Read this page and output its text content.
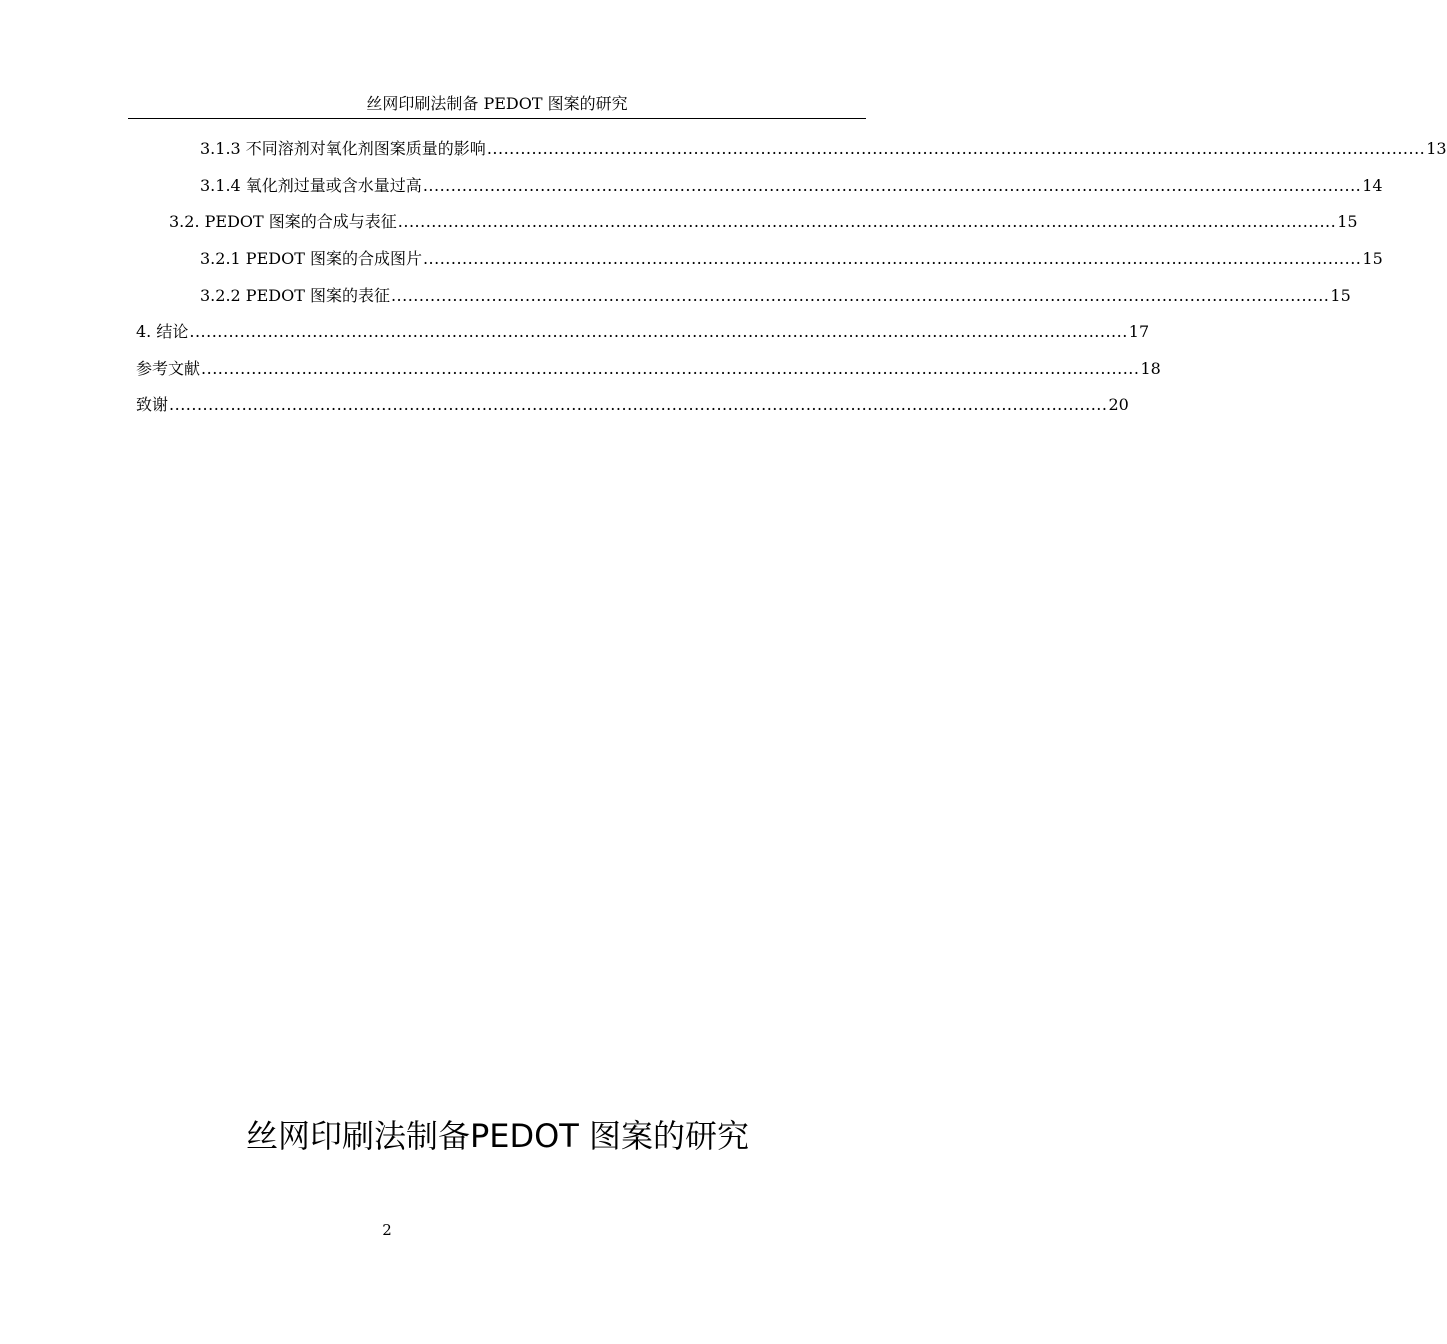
丝网印刷法制备 PEDOT 图案的研究
3.1.3 不同溶剂对氧化剂图案质量的影响 ........................................................................................................................................................................ 13
3.1.4 氧化剂过量或含水量过高 ........................................................................................................................................................................ 14
3.2. PEDOT 图案的合成与表征 ........................................................................................................................................................................ 15
3.2.1 PEDOT 图案的合成图片 ........................................................................................................................................................................ 15
3.2.2 PEDOT 图案的表征 ........................................................................................................................................................................ 15
4. 结论 ........................................................................................................................................................................ 17
参考文献 ........................................................................................................................................................................ 18
致谢 ........................................................................................................................................................................ 20
丝网印刷法制备PEDOT 图案的研究
2
